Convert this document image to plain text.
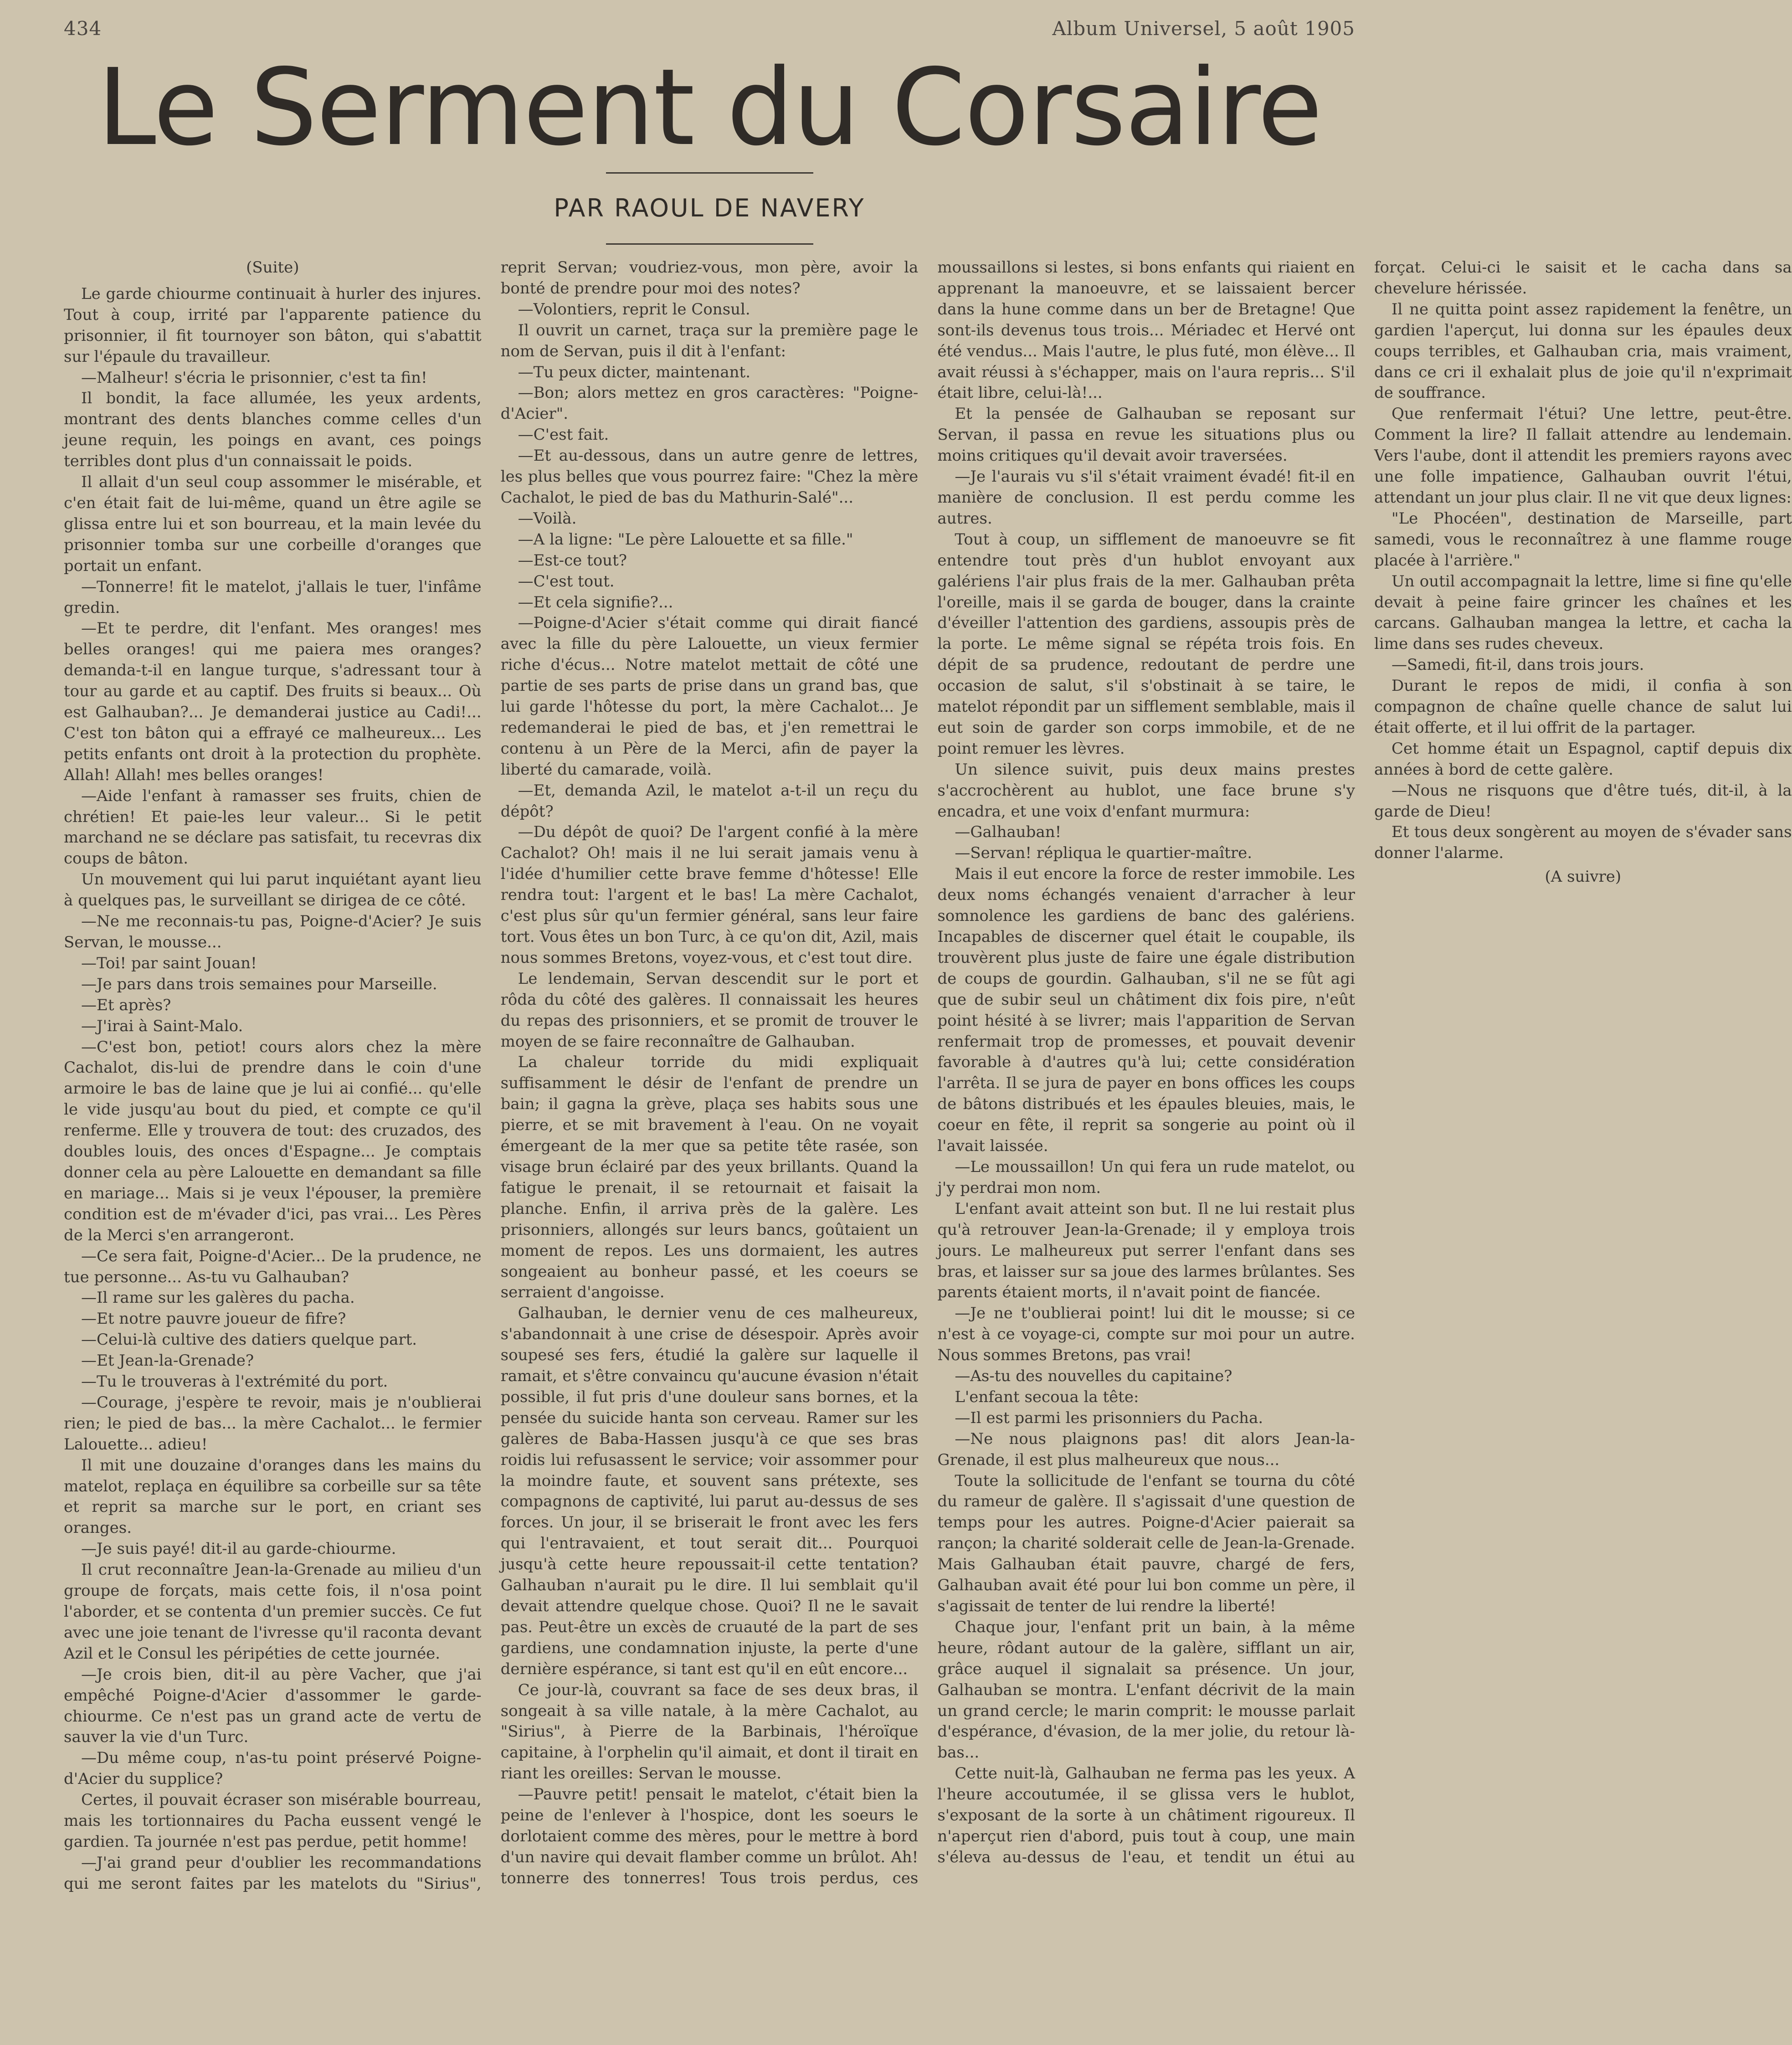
434	Album Universel, 5 août 1905
Le Serment du Corsaire
PAR RAOUL DE NAVERY

(Suite)

Le garde chiourme continuait à hurler des injures. Tout à coup, irrité par l'apparente patience du prisonnier, il fit tournoyer son bâton, qui s'abattit sur l'épaule du travailleur.

—Malheur! s'écria le prisonnier, c'est ta fin!

Il bondit, la face allumée, les yeux ardents, montrant des dents blanches comme celles d'un jeune requin, les poings en avant, ces poings terribles dont plus d'un connaissait le poids.

Il allait d'un seul coup assommer le misérable, et c'en était fait de lui-même, quand un être agile se glissa entre lui et son bourreau, et la main levée du prisonnier tomba sur une corbeille d'oranges que portait un enfant.

—Tonnerre! fit le matelot, j'allais le tuer, l'infâme gredin.

—Et te perdre, dit l'enfant. Mes oranges! mes belles oranges! qui me paiera mes oranges? demanda-t-il en langue turque, s'adressant tour à tour au garde et au captif. Des fruits si beaux... Où est Galhauban?... Je demanderai justice au Cadi!... C'est ton bâton qui a effrayé ce malheureux... Les petits enfants ont droit à la protection du prophète. Allah! Allah! mes belles oranges!

—Aide l'enfant à ramasser ses fruits, chien de chrétien! Et paie-les leur valeur... Si le petit marchand ne se déclare pas satisfait, tu recevras dix coups de bâton.

Un mouvement qui lui parut inquiétant ayant lieu à quelques pas, le surveillant se dirigea de ce côté.

—Ne me reconnais-tu pas, Poigne-d'Acier? Je suis Servan, le mousse...

—Toi! par saint Jouan!

—Je pars dans trois semaines pour Marseille.

—Et après?

—J'irai à Saint-Malo.

—C'est bon, petiot! cours alors chez la mère Cachalot, dis-lui de prendre dans le coin d'une armoire le bas de laine que je lui ai confié... qu'elle le vide jusqu'au bout du pied, et compte ce qu'il renferme. Elle y trouvera de tout: des cruzados, des doubles louis, des onces d'Espagne... Je comptais donner cela au père Lalouette en demandant sa fille en mariage... Mais si je veux l'épouser, la première condition est de m'évader d'ici, pas vrai... Les Pères de la Merci s'en arrangeront.

—Ce sera fait, Poigne-d'Acier... De la prudence, ne tue personne... As-tu vu Galhauban?

—Il rame sur les galères du pacha.

—Et notre pauvre joueur de fifre?

—Celui-là cultive des datiers quelque part.

—Et Jean-la-Grenade?

—Tu le trouveras à l'extrémité du port.

—Courage, j'espère te revoir, mais je n'oublierai rien; le pied de bas... la mère Cachalot... le fermier Lalouette... adieu!

Il mit une douzaine d'oranges dans les mains du matelot, replaça en équilibre sa corbeille sur sa tête et reprit sa marche sur le port, en criant ses oranges.

—Je suis payé! dit-il au garde-chiourme.

Il crut reconnaître Jean-la-Grenade au milieu d'un groupe de forçats, mais cette fois, il n'osa point l'aborder, et se contenta d'un premier succès. Ce fut avec une joie tenant de l'ivresse qu'il raconta devant Azil et le Consul les péripéties de cette journée.

—Je crois bien, dit-il au père Vacher, que j'ai empêché Poigne-d'Acier d'assommer le garde-chiourme. Ce n'est pas un grand acte de vertu de sauver la vie d'un Turc.

—Du même coup, n'as-tu point préservé Poigne-d'Acier du supplice?

Certes, il pouvait écraser son misérable bourreau, mais les tortionnaires du Pacha eussent vengé le gardien. Ta journée n'est pas perdue, petit homme!

—J'ai grand peur d'oublier les recommandations qui me seront faites par les matelots du "Sirius", reprit Servan; voudriez-vous, mon père, avoir la bonté de prendre pour moi des notes?

—Volontiers, reprit le Consul.

Il ouvrit un carnet, traça sur la première page le nom de Servan, puis il dit à l'enfant:

—Tu peux dicter, maintenant.

—Bon; alors mettez en gros caractères: "Poigne-d'Acier".

—C'est fait.

—Et au-dessous, dans un autre genre de lettres, les plus belles que vous pourrez faire: "Chez la mère Cachalot, le pied de bas du Mathurin-Salé"...

—Voilà.

—A la ligne: "Le père Lalouette et sa fille."

—Est-ce tout?

—C'est tout.

—Et cela signifie?...

—Poigne-d'Acier s'était comme qui dirait fiancé avec la fille du père Lalouette, un vieux fermier riche d'écus... Notre matelot mettait de côté une partie de ses parts de prise dans un grand bas, que lui garde l'hôtesse du port, la mère Cachalot... Je redemanderai le pied de bas, et j'en remettrai le contenu à un Père de la Merci, afin de payer la liberté du camarade, voilà.

—Et, demanda Azil, le matelot a-t-il un reçu du dépôt?

—Du dépôt de quoi? De l'argent confié à la mère Cachalot? Oh! mais il ne lui serait jamais venu à l'idée d'humilier cette brave femme d'hôtesse! Elle rendra tout: l'argent et le bas! La mère Cachalot, c'est plus sûr qu'un fermier général, sans leur faire tort. Vous êtes un bon Turc, à ce qu'on dit, Azil, mais nous sommes Bretons, voyez-vous, et c'est tout dire.

Le lendemain, Servan descendit sur le port et rôda du côté des galères. Il connaissait les heures du repas des prisonniers, et se promit de trouver le moyen de se faire reconnaître de Galhauban.

La chaleur torride du midi expliquait suffisamment le désir de l'enfant de prendre un bain; il gagna la grève, plaça ses habits sous une pierre, et se mit bravement à l'eau. On ne voyait émergeant de la mer que sa petite tête rasée, son visage brun éclairé par des yeux brillants. Quand la fatigue le prenait, il se retournait et faisait la planche. Enfin, il arriva près de la galère. Les prisonniers, allongés sur leurs bancs, goûtaient un moment de repos. Les uns dormaient, les autres songeaient au bonheur passé, et les coeurs se serraient d'angoisse.

Galhauban, le dernier venu de ces malheureux, s'abandonnait à une crise de désespoir. Après avoir soupesé ses fers, étudié la galère sur laquelle il ramait, et s'être convaincu qu'aucune évasion n'était possible, il fut pris d'une douleur sans bornes, et la pensée du suicide hanta son cerveau. Ramer sur les galères de Baba-Hassen jusqu'à ce que ses bras roidis lui refusassent le service; voir assommer pour la moindre faute, et souvent sans prétexte, ses compagnons de captivité, lui parut au-dessus de ses forces. Un jour, il se briserait le front avec les fers qui l'entravaient, et tout serait dit... Pourquoi jusqu'à cette heure repoussait-il cette tentation? Galhauban n'aurait pu le dire. Il lui semblait qu'il devait attendre quelque chose. Quoi? Il ne le savait pas. Peut-être un excès de cruauté de la part de ses gardiens, une condamnation injuste, la perte d'une dernière espérance, si tant est qu'il en eût encore...

Ce jour-là, couvrant sa face de ses deux bras, il songeait à sa ville natale, à la mère Cachalot, au "Sirius", à Pierre de la Barbinais, l'héroïque capitaine, à l'orphelin qu'il aimait, et dont il tirait en riant les oreilles: Servan le mousse.

—Pauvre petit! pensait le matelot, c'était bien la peine de l'enlever à l'hospice, dont les soeurs le dorlotaient comme des mères, pour le mettre à bord d'un navire qui devait flamber comme un brûlot. Ah! tonnerre des tonnerres! Tous trois perdus, ces moussaillons si lestes, si bons enfants qui riaient en apprenant la manoeuvre, et se laissaient bercer dans la hune comme dans un ber de Bretagne! Que sont-ils devenus tous trois... Mériadec et Hervé ont été vendus... Mais l'autre, le plus futé, mon élève... Il avait réussi à s'échapper, mais on l'aura repris... S'il était libre, celui-là!...

Et la pensée de Galhauban se reposant sur Servan, il passa en revue les situations plus ou moins critiques qu'il devait avoir traversées.

—Je l'aurais vu s'il s'était vraiment évadé! fit-il en manière de conclusion. Il est perdu comme les autres.

Tout à coup, un sifflement de manoeuvre se fit entendre tout près d'un hublot envoyant aux galériens l'air plus frais de la mer. Galhauban prêta l'oreille, mais il se garda de bouger, dans la crainte d'éveiller l'attention des gardiens, assoupis près de la porte. Le même signal se répéta trois fois. En dépit de sa prudence, redoutant de perdre une occasion de salut, s'il s'obstinait à se taire, le matelot répondit par un sifflement semblable, mais il eut soin de garder son corps immobile, et de ne point remuer les lèvres.

Un silence suivit, puis deux mains prestes s'accrochèrent au hublot, une face brune s'y encadra, et une voix d'enfant murmura:

—Galhauban!

—Servan! répliqua le quartier-maître.

Mais il eut encore la force de rester immobile. Les deux noms échangés venaient d'arracher à leur somnolence les gardiens de banc des galériens. Incapables de discerner quel était le coupable, ils trouvèrent plus juste de faire une égale distribution de coups de gourdin. Galhauban, s'il ne se fût agi que de subir seul un châtiment dix fois pire, n'eût point hésité à se livrer; mais l'apparition de Servan renfermait trop de promesses, et pouvait devenir favorable à d'autres qu'à lui; cette considération l'arrêta. Il se jura de payer en bons offices les coups de bâtons distribués et les épaules bleuies, mais, le coeur en fête, il reprit sa songerie au point où il l'avait laissée.

—Le moussaillon! Un qui fera un rude matelot, ou j'y perdrai mon nom.

L'enfant avait atteint son but. Il ne lui restait plus qu'à retrouver Jean-la-Grenade; il y employa trois jours. Le malheureux put serrer l'enfant dans ses bras, et laisser sur sa joue des larmes brûlantes. Ses parents étaient morts, il n'avait point de fiancée.

—Je ne t'oublierai point! lui dit le mousse; si ce n'est à ce voyage-ci, compte sur moi pour un autre. Nous sommes Bretons, pas vrai!

—As-tu des nouvelles du capitaine?

L'enfant secoua la tête:

—Il est parmi les prisonniers du Pacha.

—Ne nous plaignons pas! dit alors Jean-la-Grenade, il est plus malheureux que nous...

Toute la sollicitude de l'enfant se tourna du côté du rameur de galère. Il s'agissait d'une question de temps pour les autres. Poigne-d'Acier paierait sa rançon; la charité solderait celle de Jean-la-Grenade. Mais Galhauban était pauvre, chargé de fers, Galhauban avait été pour lui bon comme un père, il s'agissait de tenter de lui rendre la liberté!

Chaque jour, l'enfant prit un bain, à la même heure, rôdant autour de la galère, sifflant un air, grâce auquel il signalait sa présence. Un jour, Galhauban se montra. L'enfant décrivit de la main un grand cercle; le marin comprit: le mousse parlait d'espérance, d'évasion, de la mer jolie, du retour là-bas...

Cette nuit-là, Galhauban ne ferma pas les yeux. A l'heure accoutumée, il se glissa vers le hublot, s'exposant de la sorte à un châtiment rigoureux. Il n'aperçut rien d'abord, puis tout à coup, une main s'éleva au-dessus de l'eau, et tendit un étui au forçat. Celui-ci le saisit et le cacha dans sa chevelure hérissée.

Il ne quitta point assez rapidement la fenêtre, un gardien l'aperçut, lui donna sur les épaules deux coups terribles, et Galhauban cria, mais vraiment, dans ce cri il exhalait plus de joie qu'il n'exprimait de souffrance.

Que renfermait l'étui? Une lettre, peut-être. Comment la lire? Il fallait attendre au lendemain. Vers l'aube, dont il attendit les premiers rayons avec une folle impatience, Galhauban ouvrit l'étui, attendant un jour plus clair. Il ne vit que deux lignes:

"Le Phocéen", destination de Marseille, part samedi, vous le reconnaîtrez à une flamme rouge placée à l'arrière."

Un outil accompagnait la lettre, lime si fine qu'elle devait à peine faire grincer les chaînes et les carcans. Galhauban mangea la lettre, et cacha la lime dans ses rudes cheveux.

—Samedi, fit-il, dans trois jours.

Durant le repos de midi, il confia à son compagnon de chaîne quelle chance de salut lui était offerte, et il lui offrit de la partager.

Cet homme était un Espagnol, captif depuis dix années à bord de cette galère.

—Nous ne risquons que d'être tués, dit-il, à la garde de Dieu!

Et tous deux songèrent au moyen de s'évader sans donner l'alarme.

(A suivre)
